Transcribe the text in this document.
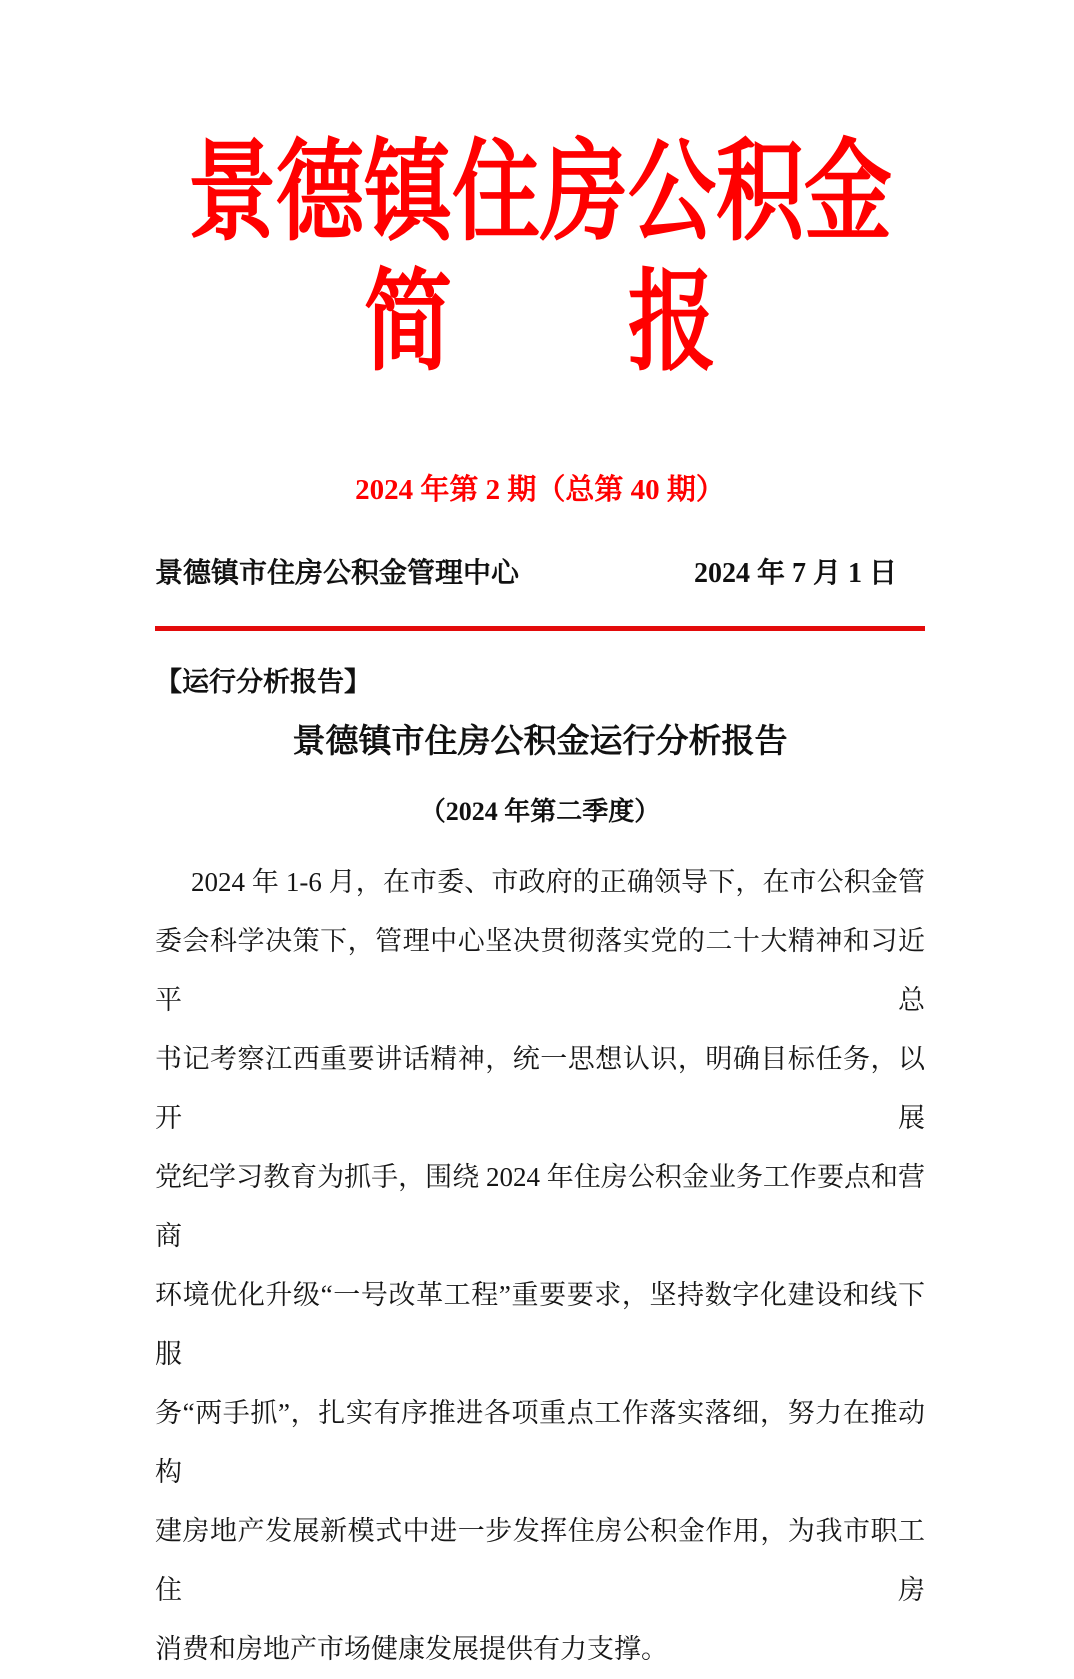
景德镇住房公积金
简　　报
2024 年第 2 期（总第 40 期）
景德镇市住房公积金管理中心	2024 年 7 月 1 日
【运行分析报告】
景德镇市住房公积金运行分析报告
（2024 年第二季度）
2024 年 1-6 月，在市委、市政府的正确领导下，在市公积金管
委会科学决策下，管理中心坚决贯彻落实党的二十大精神和习近平总
书记考察江西重要讲话精神，统一思想认识，明确目标任务，以开展
党纪学习教育为抓手，围绕 2024 年住房公积金业务工作要点和营商
环境优化升级“一号改革工程”重要要求，坚持数字化建设和线下服
务“两手抓”，扎实有序推进各项重点工作落实落细，努力在推动构
建房地产发展新模式中进一步发挥住房公积金作用，为我市职工住房
消费和房地产市场健康发展提供有力支撑。
